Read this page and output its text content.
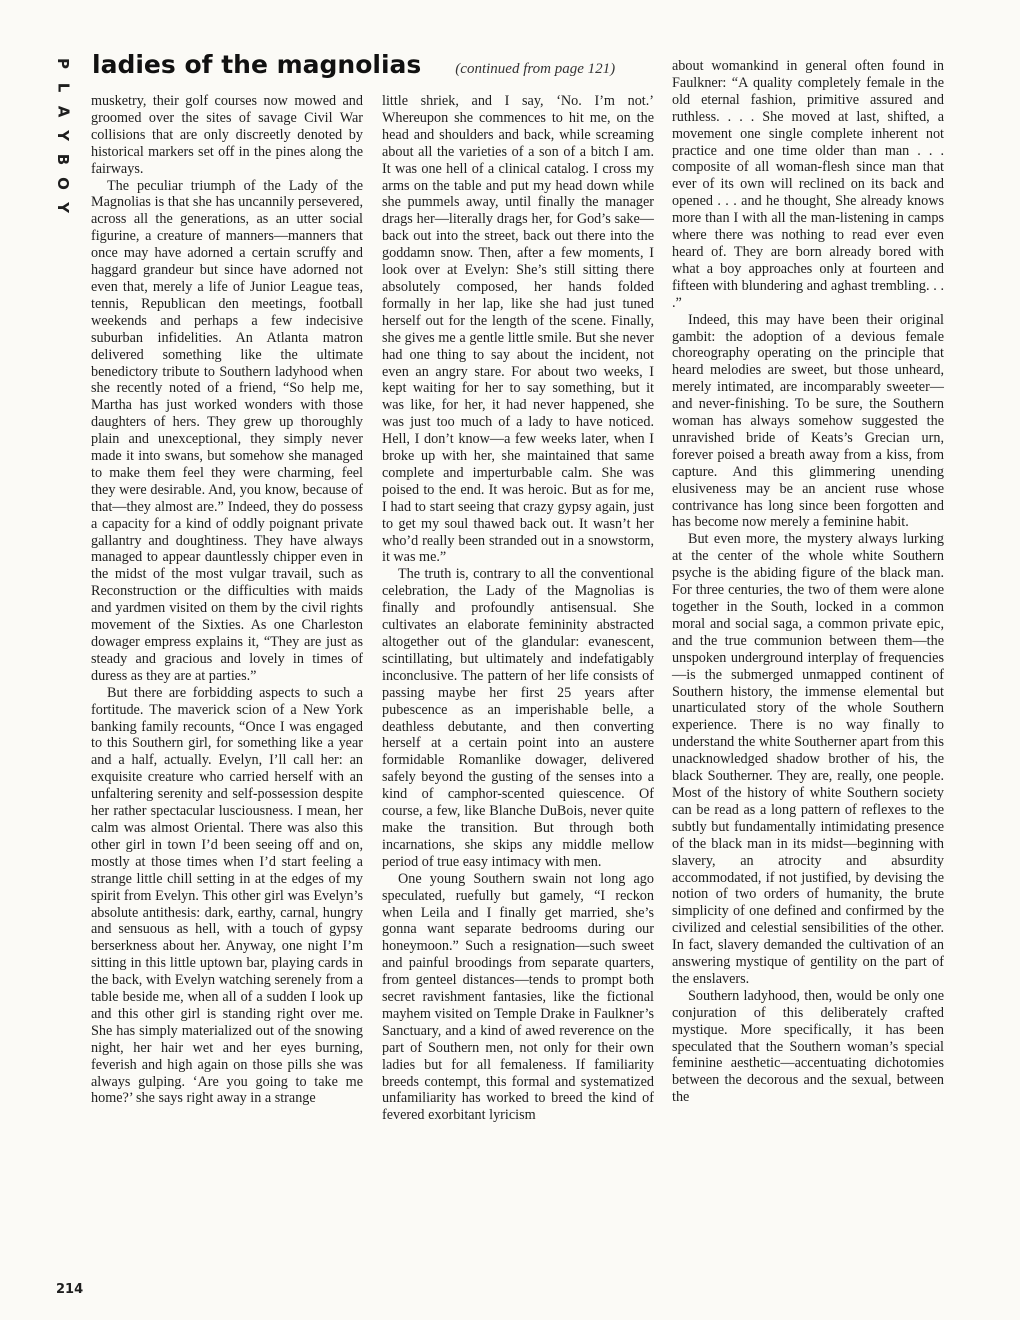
P
L
A
Y
B
O
Y
ladies of the magnolias (continued from page 121)

musketry, their golf courses now mowed and groomed over the sites of savage Civil War collisions that are only discreetly denoted by historical markers set off in the pines along the fairways.

The peculiar triumph of the Lady of the Magnolias is that she has uncannily persevered, across all the generations, as an utter social figurine, a creature of manners—manners that once may have adorned a certain scruffy and haggard grandeur but since have adorned not even that, merely a life of Junior League teas, tennis, Republican den meetings, football weekends and perhaps a few indecisive suburban infidelities. An Atlanta matron delivered something like the ultimate benedictory tribute to Southern ladyhood when she recently noted of a friend, “So help me, Martha has just worked wonders with those daughters of hers. They grew up thoroughly plain and unexceptional, they simply never made it into swans, but somehow she managed to make them feel they were charming, feel they were desirable. And, you know, because of that—they almost are.” Indeed, they do possess a capacity for a kind of oddly poignant private gallantry and doughtiness. They have always managed to appear dauntlessly chipper even in the midst of the most vulgar travail, such as Reconstruction or the difficulties with maids and yardmen visited on them by the civil rights movement of the Sixties. As one Charleston dowager empress explains it, “They are just as steady and gracious and lovely in times of duress as they are at parties.”

But there are forbidding aspects to such a fortitude. The maverick scion of a New York banking family recounts, “Once I was engaged to this Southern girl, for something like a year and a half, actually. Evelyn, I’ll call her: an exquisite creature who carried herself with an unfaltering serenity and self-possession despite her rather spectacular lusciousness. I mean, her calm was almost Oriental. There was also this other girl in town I’d been seeing off and on, mostly at those times when I’d start feeling a strange little chill setting in at the edges of my spirit from Evelyn. This other girl was Evelyn’s absolute antithesis: dark, earthy, carnal, hungry and sensuous as hell, with a touch of gypsy berserkness about her. Anyway, one night I’m sitting in this little uptown bar, playing cards in the back, with Evelyn watching serenely from a table beside me, when all of a sudden I look up and this other girl is standing right over me. She has simply materialized out of the snowing night, her hair wet and her eyes burning, feverish and high again on those pills she was always gulping. ‘Are you going to take me home?’ she says right away in a strange

little shriek, and I say, ‘No. I’m not.’ Whereupon she commences to hit me, on the head and shoulders and back, while screaming about all the varieties of a son of a bitch I am. It was one hell of a clinical catalog. I cross my arms on the table and put my head down while she pummels away, until finally the manager drags her—literally drags her, for God’s sake—back out into the street, back out there into the goddamn snow. Then, after a few moments, I look over at Evelyn: She’s still sitting there absolutely composed, her hands folded formally in her lap, like she had just tuned herself out for the length of the scene. Finally, she gives me a gentle little smile. But she never had one thing to say about the incident, not even an angry stare. For about two weeks, I kept waiting for her to say something, but it was like, for her, it had never happened, she was just too much of a lady to have noticed. Hell, I don’t know—a few weeks later, when I broke up with her, she maintained that same complete and imperturbable calm. She was poised to the end. It was heroic. But as for me, I had to start seeing that crazy gypsy again, just to get my soul thawed back out. It wasn’t her who’d really been stranded out in a snowstorm, it was me.”

The truth is, contrary to all the conventional celebration, the Lady of the Magnolias is finally and profoundly antisensual. She cultivates an elaborate femininity abstracted altogether out of the glandular: evanescent, scintillating, but ultimately and indefatigably inconclusive. The pattern of her life consists of passing maybe her first 25 years after pubescence as an imperishable belle, a deathless debutante, and then converting herself at a certain point into an austere formidable Romanlike dowager, delivered safely beyond the gusting of the senses into a kind of camphor-scented quiescence. Of course, a few, like Blanche DuBois, never quite make the transition. But through both incarnations, she skips any middle mellow period of true easy intimacy with men.

One young Southern swain not long ago speculated, ruefully but gamely, “I reckon when Leila and I finally get married, she’s gonna want separate bedrooms during our honeymoon.” Such a resignation—such sweet and painful broodings from separate quarters, from genteel distances—tends to prompt both secret ravishment fantasies, like the fictional mayhem visited on Temple Drake in Faulkner’s Sanctuary, and a kind of awed reverence on the part of Southern men, not only for their own ladies but for all femaleness. If familiarity breeds contempt, this formal and systematized unfamiliarity has worked to breed the kind of fevered exorbitant lyricism

about womankind in general often found in Faulkner: “A quality completely female in the old eternal fashion, primitive assured and ruthless. . . . She moved at last, shifted, a movement one single complete inherent not practice and one time older than man . . . composite of all woman-flesh since man that ever of its own will reclined on its back and opened . . . and he thought, She already knows more than I with all the man-listening in camps where there was nothing to read ever even heard of. They are born already bored with what a boy approaches only at fourteen and fifteen with blundering and aghast trembling. . . .”

Indeed, this may have been their original gambit: the adoption of a devious female choreography operating on the principle that heard melodies are sweet, but those unheard, merely intimated, are incomparably sweeter—and never-finishing. To be sure, the Southern woman has always somehow suggested the unravished bride of Keats’s Grecian urn, forever poised a breath away from a kiss, from capture. And this glimmering unending elusiveness may be an ancient ruse whose contrivance has long since been forgotten and has become now merely a feminine habit.

But even more, the mystery always lurking at the center of the whole white Southern psyche is the abiding figure of the black man. For three centuries, the two of them were alone together in the South, locked in a common moral and social saga, a common private epic, and the true communion between them—the unspoken underground interplay of frequencies—is the submerged unmapped continent of Southern history, the immense elemental but unarticulated story of the whole Southern experience. There is no way finally to understand the white Southerner apart from this unacknowledged shadow brother of his, the black Southerner. They are, really, one people. Most of the history of white Southern society can be read as a long pattern of reflexes to the subtly but fundamentally intimidating presence of the black man in its midst—beginning with slavery, an atrocity and absurdity accommodated, if not justified, by devising the notion of two orders of humanity, the brute simplicity of one defined and confirmed by the civilized and celestial sensibilities of the other. In fact, slavery demanded the cultivation of an answering mystique of gentility on the part of the enslavers.

Southern ladyhood, then, would be only one conjuration of this deliberately crafted mystique. More specifically, it has been speculated that the Southern woman’s special feminine aesthetic—accentuating dichotomies between the decorous and the sexual, between the

214
